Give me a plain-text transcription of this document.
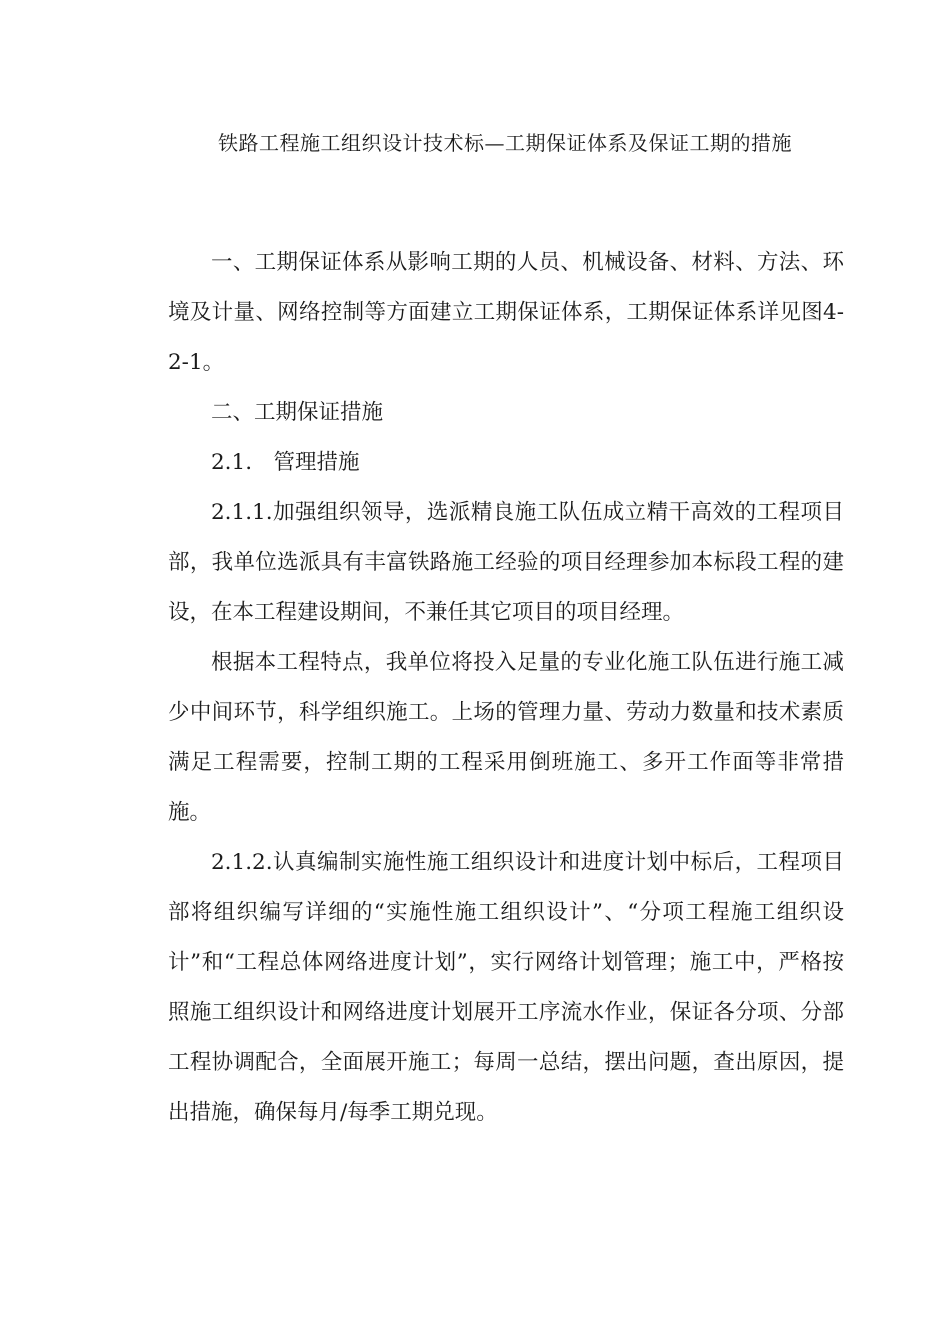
铁路工程施工组织设计技术标—工期保证体系及保证工期的措施

一、工期保证体系从影响工期的人员、机械设备、材料、方法、环境及计量、网络控制等方面建立工期保证体系，工期保证体系详见图4-2-1。

二、工期保证措施

2.1.　管理措施

2.1.1.加强组织领导，选派精良施工队伍成立精干高效的工程项目部，我单位选派具有丰富铁路施工经验的项目经理参加本标段工程的建设，在本工程建设期间，不兼任其它项目的项目经理。

根据本工程特点，我单位将投入足量的专业化施工队伍进行施工减少中间环节，科学组织施工。上场的管理力量、劳动力数量和技术素质满足工程需要，控制工期的工程采用倒班施工、多开工作面等非常措施。

2.1.2.认真编制实施性施工组织设计和进度计划中标后，工程项目部将组织编写详细的“实施性施工组织设计”、“分项工程施工组织设计”和“工程总体网络进度计划”，实行网络计划管理；施工中，严格按照施工组织设计和网络进度计划展开工序流水作业，保证各分项、分部工程协调配合，全面展开施工；每周一总结，摆出问题，查出原因，提出措施，确保每月/每季工期兑现。
